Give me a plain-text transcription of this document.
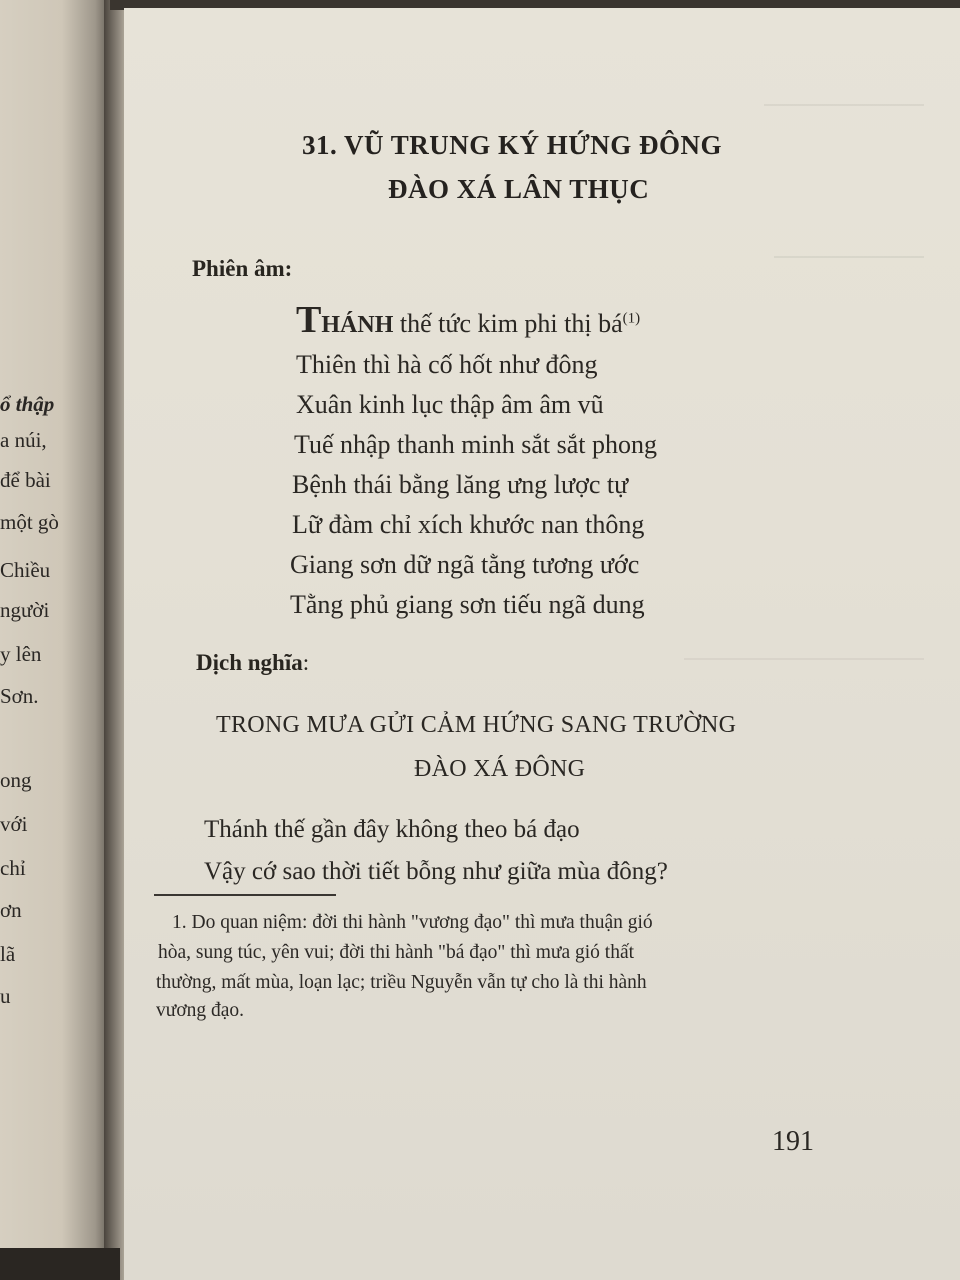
ổ thập
a núi,
để bài
một gò
Chiều
người
y lên
Sơn.
ong
với
chỉ
ơn
lã
u
31. VŨ TRUNG KÝ HỨNG ĐÔNG
ĐÀO XÁ LÂN THỤC
Phiên âm:
THÁNH thế tức kim phi thị $bá^{(1)}$
Thiên thì hà cố hốt như đông
Xuân kinh lục thập âm âm vũ
Tuế nhập thanh minh sắt sắt phong
Bệnh thái bằng lăng ưng lược tự
Lữ đàm chỉ xích khước nan thông
Giang sơn dữ ngã tằng tương ước
Tằng phủ giang sơn tiếu ngã dung
Dịch nghĩa:
TRONG MƯA GỬI CẢM HỨNG SANG TRƯỜNG
ĐÀO XÁ ĐÔNG
Thánh thế gần đây không theo bá đạo
Vậy cớ sao thời tiết bỗng như giữa mùa đông?
1. Do quan niệm: đời thi hành "vương đạo" thì mưa thuận gió
hòa, sung túc, yên vui; đời thi hành "bá đạo" thì mưa gió thất
thường, mất mùa, loạn lạc; triều Nguyễn vẫn tự cho là thi hành
vương đạo.
191
